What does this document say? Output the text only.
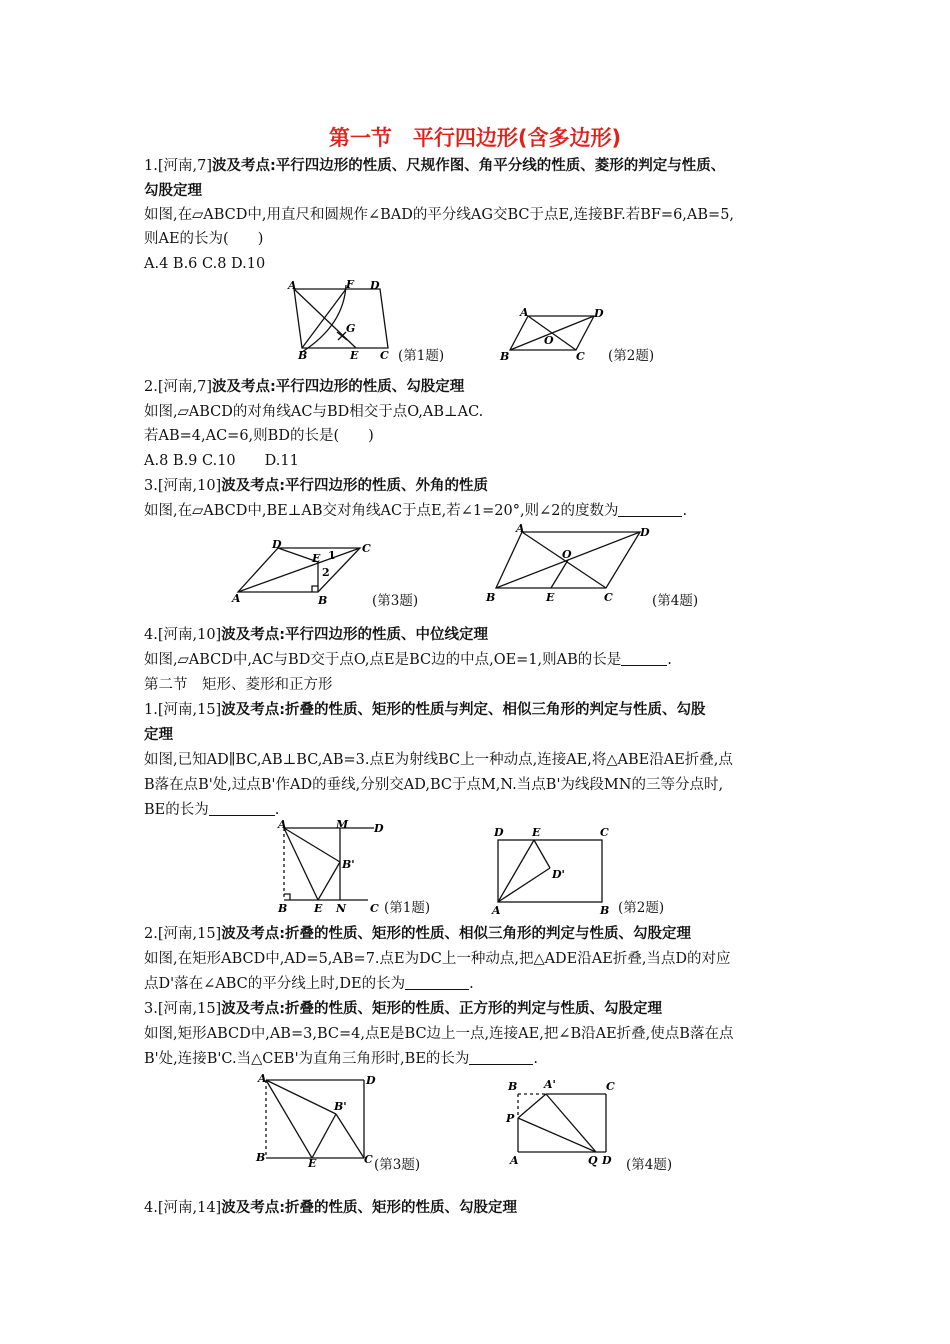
第一节　平行四边形(含多边形)
1.[河南,7]波及考点:平行四边形的性质、尺规作图、角平分线的性质、菱形的判定与性质、
勾股定理
如图,在▱ABCD中,用直尺和圆规作∠BAD的平分线AG交BC于点E,连接BF.若BF=6,AB=5,
则AE的长为(　　)
A.4 B.6 C.8 D.10
A	F D
G
B	E C (第1题)
A	D
O
B	C (第2题)
2.[河南,7]波及考点:平行四边形的性质、勾股定理
如图,▱ABCD的对角线AC与BD相交于点O,AB⊥AC.
若AB=4,AC=6,则BD的长是(　　)
A.8 B.9 C.10　　D.11
3.[河南,10]波及考点:平行四边形的性质、外角的性质
如图,在▱ABCD中,BE⊥AB交对角线AC于点E,若∠1=20°,则∠2的度数为	.
D
E 1
C
2
A	B	(第3题)
A	D
O
B	E	C	(第4题)
4.[河南,10]波及考点:平行四边形的性质、中位线定理
如图,▱ABCD中,AC与BD交于点O,点E是BC边的中点,OE=1,则AB的长是	.
第二节　矩形、菱形和正方形
1.[河南,15]波及考点:折叠的性质、矩形的性质与判定、相似三角形的判定与性质、勾股
定理
如图,已知AD∥BC,AB⊥BC,AB=3.点E为射线BC上一种动点,连接AE,将△ABE沿AE折叠,点
B落在点B'处,过点B'作AD的垂线,分别交AD,BC于点M,N.当点B'为线段MN的三等分点时,
BE的长为	.
A	M D
B'
B E N C (第1题)
D	E	C
D'
A	B (第2题)
2.[河南,15]波及考点:折叠的性质、矩形的性质、相似三角形的判定与性质、勾股定理
如图,在矩形ABCD中,AD=5,AB=7.点E为DC上一种动点,把△ADE沿AE折叠,当点D的对应
点D'落在∠ABC的平分线上时,DE的长为	.
3.[河南,15]波及考点:折叠的性质、矩形的性质、正方形的判定与性质、勾股定理
如图,矩形ABCD中,AB=3,BC=4,点E是BC边上一点,连接AE,把∠B沿AE折叠,使点B落在点
B'处,连接B'C.当△CEB'为直角三角形时,BE的长为	.
A	D
B'
B	E	C (第3题)
B A'	C
P
A	Q D (第4题)
4.[河南,14]波及考点:折叠的性质、矩形的性质、勾股定理
